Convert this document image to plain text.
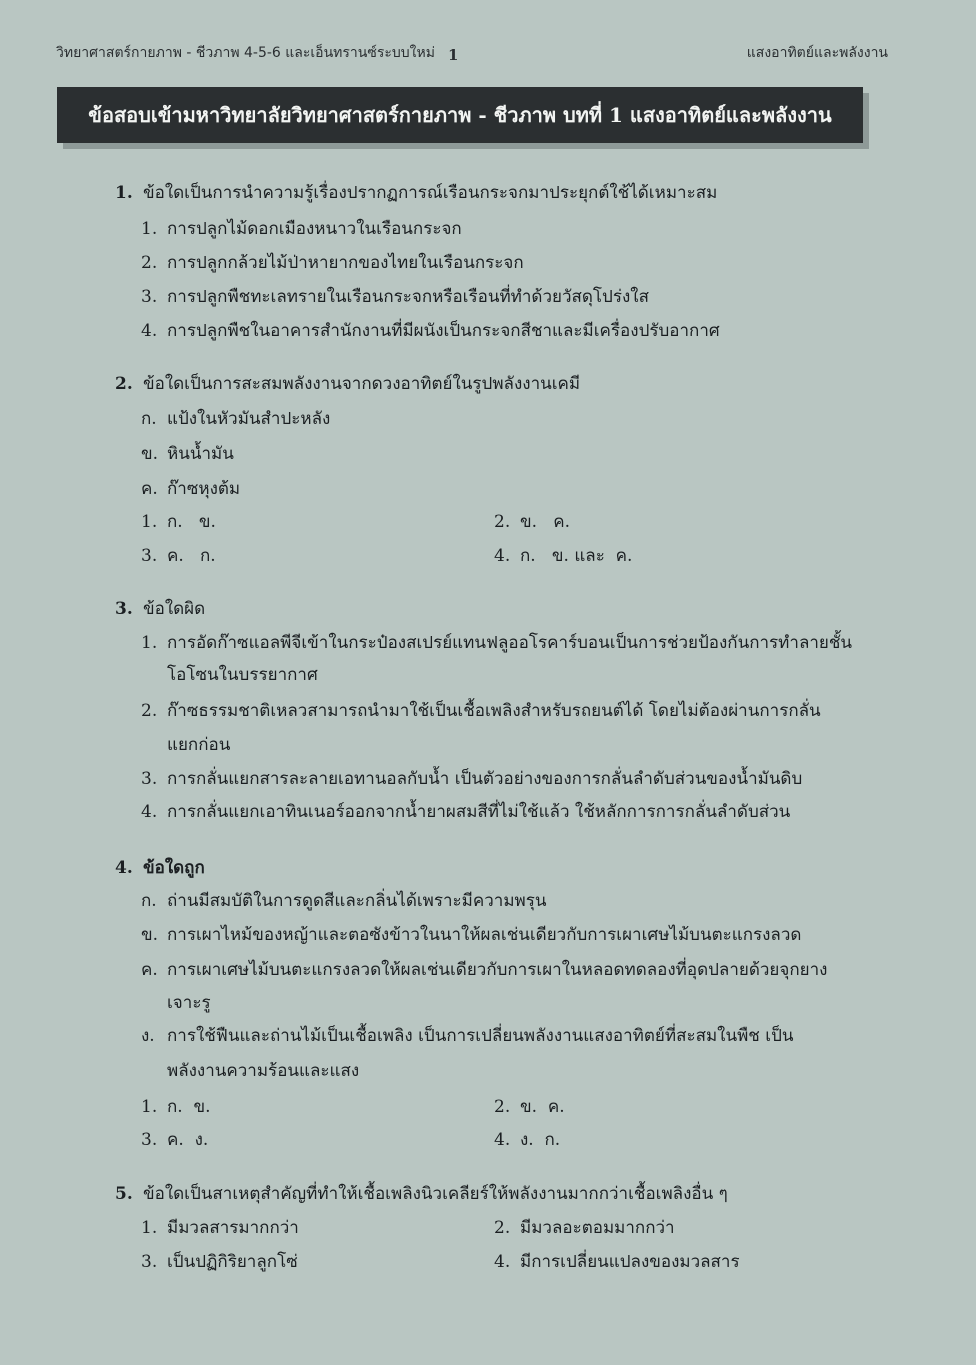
วิทยาศาสตร์กายภาพ - ชีวภาพ 4-5-6 และเอ็นทรานซ์ระบบใหม่ 1	แสงอาทิตย์และพลังงาน
ข้อสอบเข้ามหาวิทยาลัยวิทยาศาสตร์กายภาพ - ชีวภาพ บทที่ 1 แสงอาทิตย์และพลังงาน
1. ข้อใดเป็นการนำความรู้เรื่องปรากฏการณ์เรือนกระจกมาประยุกต์ใช้ได้เหมาะสม
1. การปลูกไม้ดอกเมืองหนาวในเรือนกระจก
2. การปลูกกล้วยไม้ป่าหายากของไทยในเรือนกระจก
3. การปลูกพืชทะเลทรายในเรือนกระจกหรือเรือนที่ทำด้วยวัสดุโปร่งใส
4. การปลูกพืชในอาคารสำนักงานที่มีผนังเป็นกระจกสีชาและมีเครื่องปรับอากาศ
2. ข้อใดเป็นการสะสมพลังงานจากดวงอาทิตย์ในรูปพลังงานเคมี
ก. แป้งในหัวมันสำปะหลัง
ข. หินน้ำมัน
ค. ก๊าซหุงต้ม
1. ก.   ข.	2. ข.   ค.
3. ค.   ก.	4. ก.   ข. และ  ค.
3. ข้อใดผิด
1. การอัดก๊าซแอลพีจีเข้าในกระป๋องสเปรย์แทนฟลูออโรคาร์บอนเป็นการช่วยป้องกันการทำลายชั้น
โอโซนในบรรยากาศ
2. ก๊าซธรรมชาติเหลวสามารถนำมาใช้เป็นเชื้อเพลิงสำหรับรถยนต์ได้ โดยไม่ต้องผ่านการกลั่น
แยกก่อน
3. การกลั่นแยกสารละลายเอทานอลกับน้ำ เป็นตัวอย่างของการกลั่นลำดับส่วนของน้ำมันดิบ
4. การกลั่นแยกเอาทินเนอร์ออกจากน้ำยาผสมสีที่ไม่ใช้แล้ว ใช้หลักการการกลั่นลำดับส่วน
4. ข้อใดถูก
ก. ถ่านมีสมบัติในการดูดสีและกลิ่นได้เพราะมีความพรุน
ข. การเผาไหม้ของหญ้าและตอซังข้าวในนาให้ผลเช่นเดียวกับการเผาเศษไม้บนตะแกรงลวด
ค. การเผาเศษไม้บนตะแกรงลวดให้ผลเช่นเดียวกับการเผาในหลอดทดลองที่อุดปลายด้วยจุกยาง
เจาะรู
ง. การใช้ฟืนและถ่านไม้เป็นเชื้อเพลิง เป็นการเปลี่ยนพลังงานแสงอาทิตย์ที่สะสมในพืช เป็น
พลังงานความร้อนและแสง
1. ก.  ข.	2. ข.  ค.
3. ค.  ง.	4. ง.  ก.
5. ข้อใดเป็นสาเหตุสำคัญที่ทำให้เชื้อเพลิงนิวเคลียร์ให้พลังงานมากกว่าเชื้อเพลิงอื่น ๆ
1. มีมวลสารมากกว่า	2. มีมวลอะตอมมากกว่า
3. เป็นปฏิกิริยาลูกโซ่	4. มีการเปลี่ยนแปลงของมวลสาร
